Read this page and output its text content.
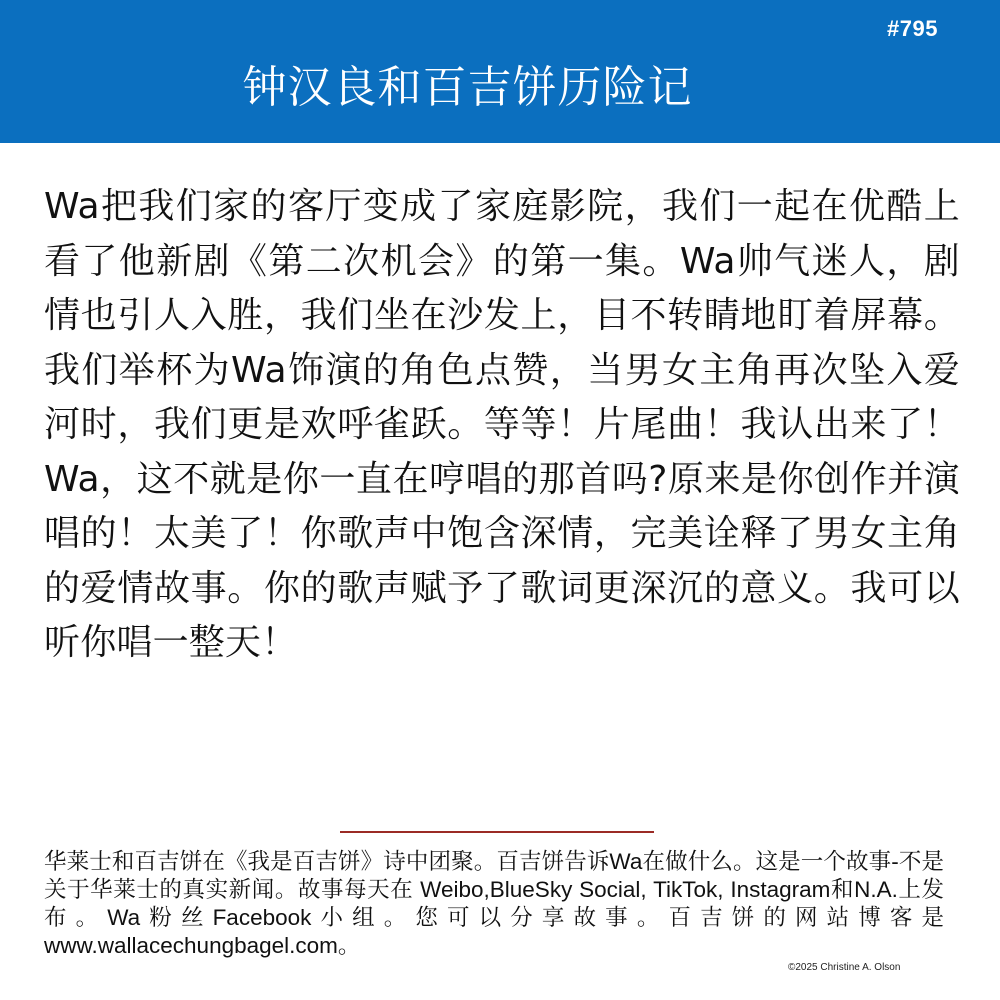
#795
钟汉良和百吉饼历险记

Wa把我们家的客厅变成了家庭影院，我们一起在优酷上看了他新剧《第二次机会》的第一集。Wa帅气迷人，剧情也引人入胜，我们坐在沙发上，目不转睛地盯着屏幕。我们举杯为Wa饰演的角色点赞，当男女主角再次坠入爱河时，我们更是欢呼雀跃。等等！片尾曲！我认出来了！Wa，这不就是你一直在哼唱的那首吗?原来是你创作并演唱的！太美了！你歌声中饱含深情，完美诠释了男女主角的爱情故事。你的歌声赋予了歌词更深沉的意义。我可以听你唱一整天！

华莱士和百吉饼在《我是百吉饼》诗中团聚。百吉饼告诉Wa在做什么。这是一个故事-不是关于华莱士的真实新闻。故事每天在 Weibo,BlueSky Social, TikTok, Instagram和N.A.上发布。Wa粉丝Facebook小组。您可以分享故事。百吉饼的网站博客是www.wallacechungbagel.com。

©2025 Christine A. Olson
